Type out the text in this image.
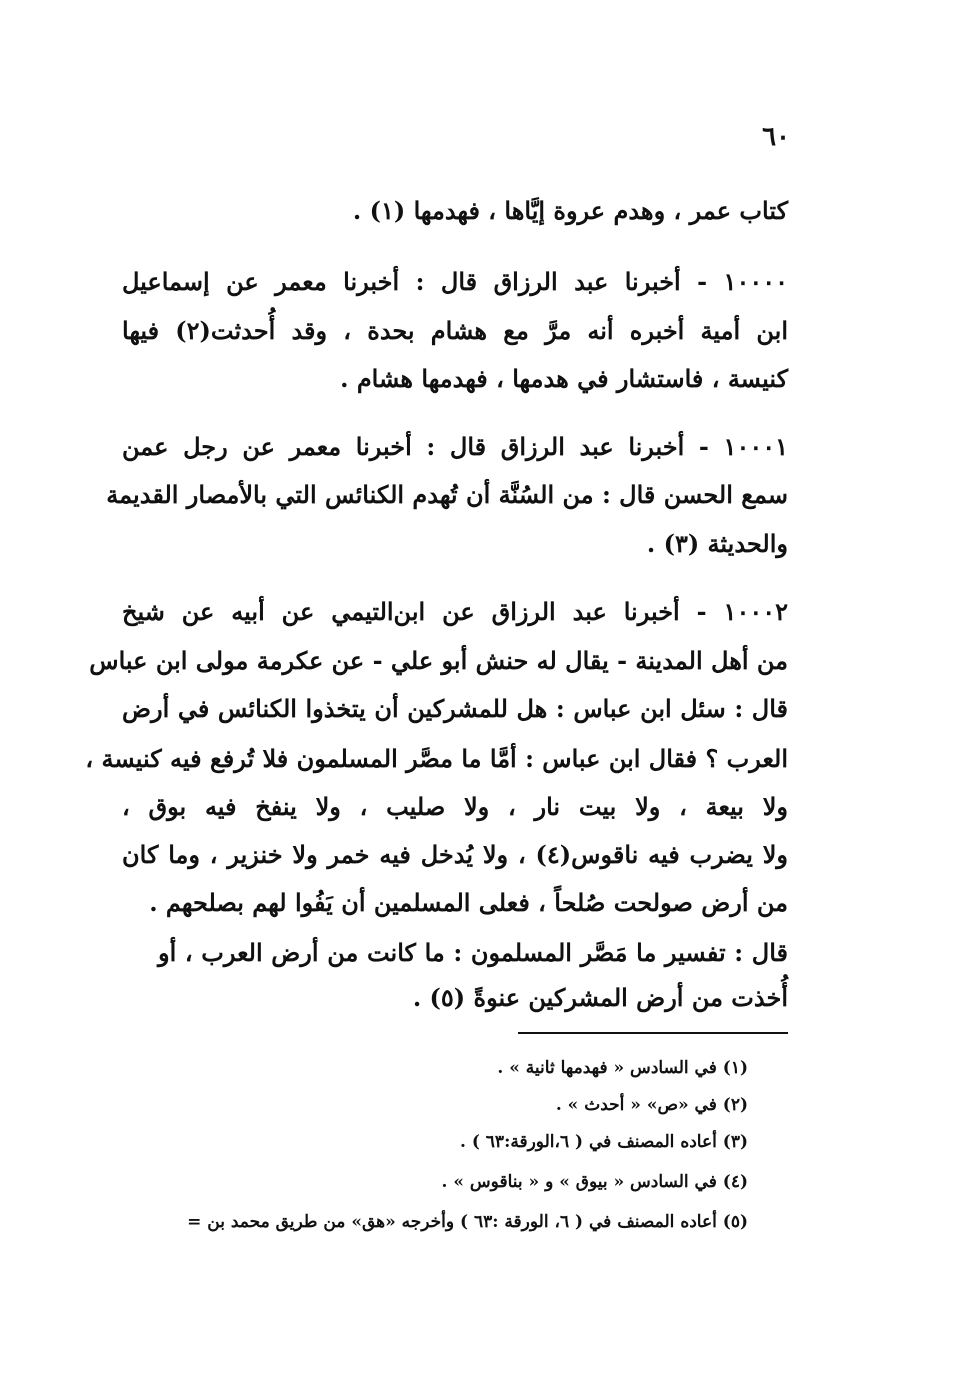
٦٠
كتاب عمر ، وهدم عروة إيَّاها ، فهدمها (١) .
١٠٠٠٠ - أخبرنا عبد الرزاق قال : أخبرنا معمر عن إسماعيل
ابن أمية أخبره أنه مرَّ مع هشام بحدة ، وقد أُحدثت(٢) فيها
كنيسة ، فاستشار في هدمها ، فهدمها هشام .
١٠٠٠١ - أخبرنا عبد الرزاق قال : أخبرنا معمر عن رجل عمن
سمع الحسن قال : من السُنَّة أن تُهدم الكنائس التي بالأمصار القديمة
والحديثة (٣) .
١٠٠٠٢ - أخبرنا عبد الرزاق عن ابن‌التيمي عن أبيه عن شيخ
من أهل المدينة - يقال له حنش أبو علي - عن عكرمة مولى ابن عباس
قال : سئل ابن عباس : هل للمشركين أن يتخذوا الكنائس في أرض
العرب ؟ فقال ابن عباس : أمَّا ما مصَّر المسلمون فلا تُرفع فيه كنيسة ،
ولا بيعة ، ولا بيت نار ، ولا صليب ، ولا ينفخ فيه بوق ،
ولا يضرب فيه ناقوس(٤) ، ولا يُدخل فيه خمر ولا خنزير ، وما كان
من أرض صولحت صُلحاً ، فعلى المسلمين أن يَفُوا لهم بصلحهم .
قال : تفسير ما مَصَّر المسلمون : ما كانت من أرض العرب ، أو
أُخذت من أرض المشركين عنوةً (٥) .
(١) في السادس « فهدمها ثانية » .
(٢) في «ص» « أحدث » .
(٣) أعاده المصنف في ( ٦،الورقة:٦٣ ) .
(٤) في السادس « بيوق » و « بناقوس » .
(٥) أعاده المصنف في ( ٦، الورقة :٦٣ ) وأخرجه «هق» من طريق محمد بن =
